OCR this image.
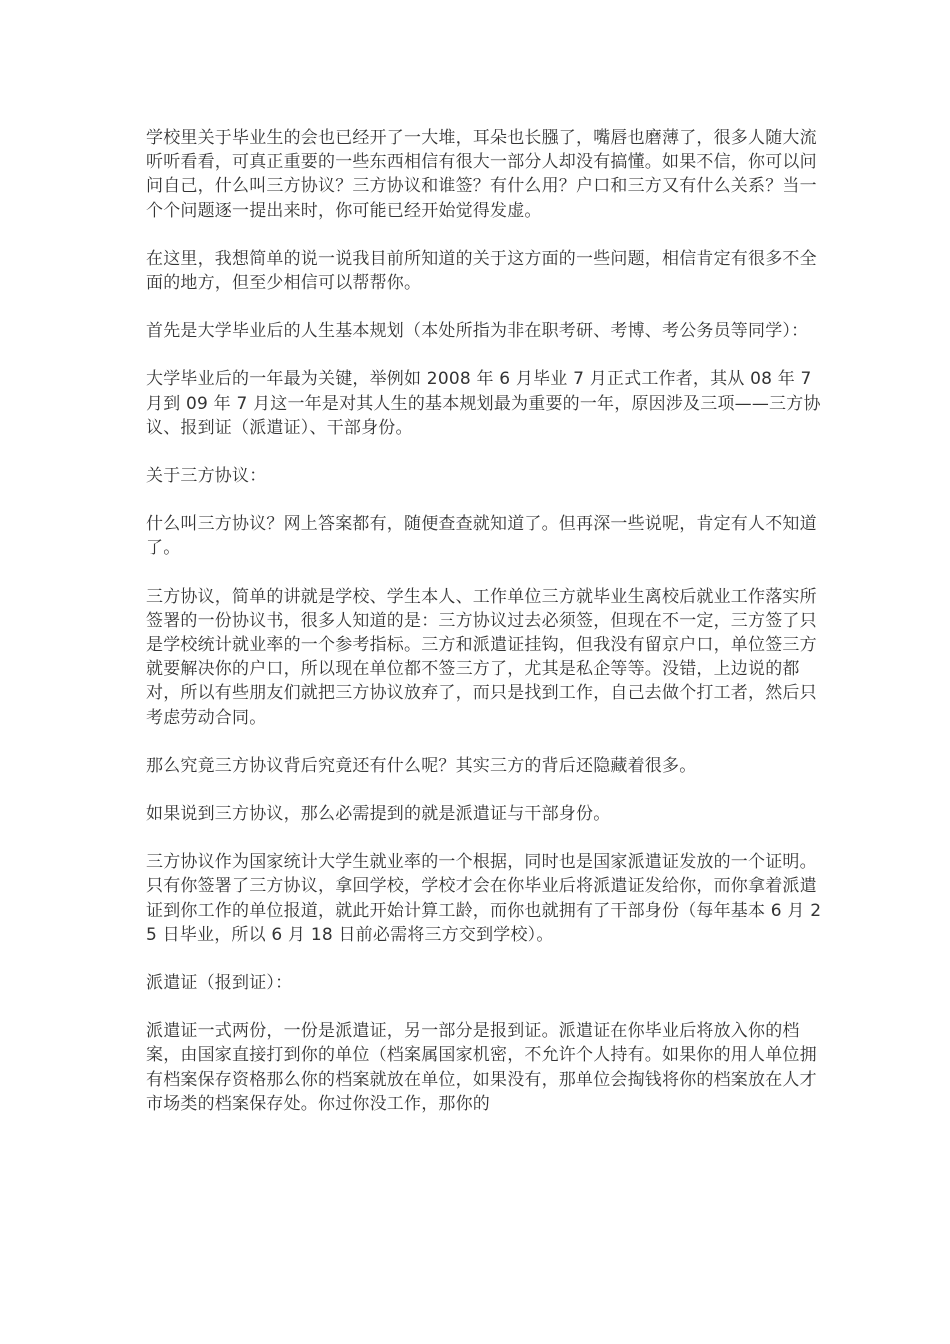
学校里关于毕业生的会也已经开了一大堆，耳朵也长膙了，嘴唇也磨薄了，很多人随大流听听看看，可真正重要的一些东西相信有很大一部分人却没有搞懂。如果不信，你可以问问自己，什么叫三方协议？三方协议和谁签？有什么用？户口和三方又有什么关系？当一个个问题逐一提出来时，你可能已经开始觉得发虚。

在这里，我想简单的说一说我目前所知道的关于这方面的一些问题，相信肯定有很多不全面的地方，但至少相信可以帮帮你。

首先是大学毕业后的人生基本规划（本处所指为非在职考研、考博、考公务员等同学）：

大学毕业后的一年最为关键，举例如 2008 年 6 月毕业 7 月正式工作者，其从 08 年 7 月到 09 年 7 月这一年是对其人生的基本规划最为重要的一年，原因涉及三项——三方协议、报到证（派遣证）、干部身份。

关于三方协议：

什么叫三方协议？网上答案都有，随便查查就知道了。但再深一些说呢，肯定有人不知道了。

三方协议，简单的讲就是学校、学生本人、工作单位三方就毕业生离校后就业工作落实所签署的一份协议书，很多人知道的是：三方协议过去必须签，但现在不一定，三方签了只是学校统计就业率的一个参考指标。三方和派遣证挂钩，但我没有留京户口，单位签三方就要解决你的户口，所以现在单位都不签三方了，尤其是私企等等。没错，上边说的都对，所以有些朋友们就把三方协议放弃了，而只是找到工作，自己去做个打工者，然后只考虑劳动合同。

那么究竟三方协议背后究竟还有什么呢？其实三方的背后还隐藏着很多。

如果说到三方协议，那么必需提到的就是派遣证与干部身份。

三方协议作为国家统计大学生就业率的一个根据，同时也是国家派遣证发放的一个证明。只有你签署了三方协议，拿回学校，学校才会在你毕业后将派遣证发给你，而你拿着派遣证到你工作的单位报道，就此开始计算工龄，而你也就拥有了干部身份（每年基本 6 月 25 日毕业，所以 6 月 18 日前必需将三方交到学校）。

派遣证（报到证）：

派遣证一式两份，一份是派遣证，另一部分是报到证。派遣证在你毕业后将放入你的档案，由国家直接打到你的单位（档案属国家机密，不允许个人持有。如果你的用人单位拥有档案保存资格那么你的档案就放在单位，如果没有，那单位会掏钱将你的档案放在人才市场类的档案保存处。你过你没工作，那你的
